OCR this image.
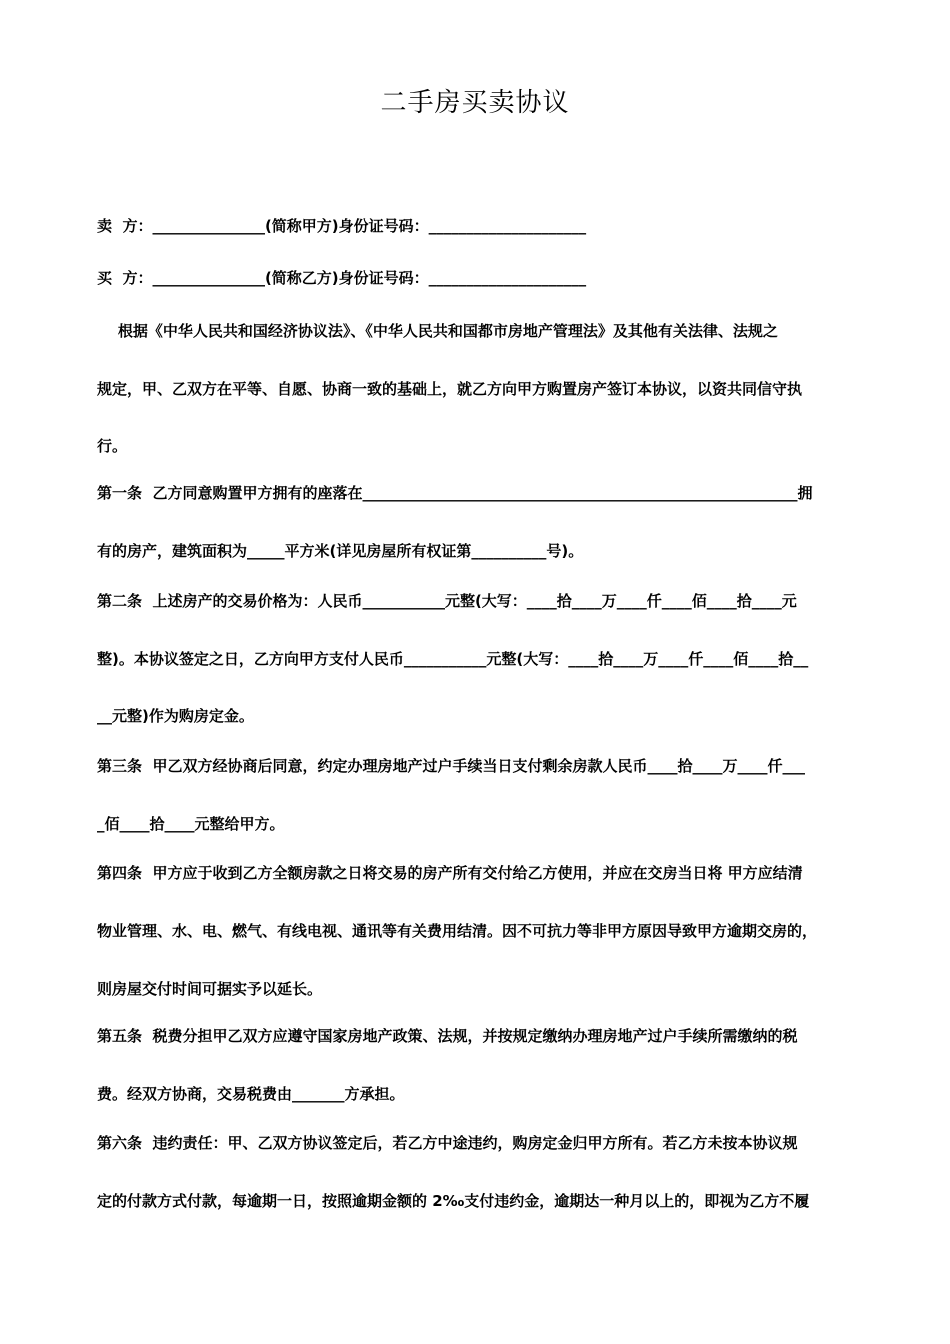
二手房买卖协议
卖  方：_______________(简称甲方)身份证号码：_____________________
买  方：_______________(简称乙方)身份证号码：_____________________
根据《中华人民共和国经济协议法》、《中华人民共和国都市房地产管理法》及其他有关法律、法规之
规定，甲、乙双方在平等、自愿、协商一致的基础上，就乙方向甲方购置房产签订本协议，以资共同信守执
行。
第一条  乙方同意购置甲方拥有的座落在__________________________________________________________拥
有的房产，建筑面积为_____平方米(详见房屋所有权证第__________号)。
第二条  上述房产的交易价格为：人民币___________元整(大写：____拾____万____仟____佰____拾____元
整)。本协议签定之日，乙方向甲方支付人民币___________元整(大写：____拾____万____仟____佰____拾__
__元整)作为购房定金。
第三条  甲乙双方经协商后同意，约定办理房地产过户手续当日支付剩余房款人民币____拾____万____仟___
_佰____拾____元整给甲方。
第四条  甲方应于收到乙方全额房款之日将交易的房产所有交付给乙方使用，并应在交房当日将 甲方应结清
物业管理、水、电、燃气、有线电视、通讯等有关费用结清。因不可抗力等非甲方原因导致甲方逾期交房的，
则房屋交付时间可据实予以延长。
第五条  税费分担甲乙双方应遵守国家房地产政策、法规，并按规定缴纳办理房地产过户手续所需缴纳的税
费。经双方协商，交易税费由_______方承担。
第六条  违约责任：甲、乙双方协议签定后，若乙方中途违约，购房定金归甲方所有。若乙方未按本协议规
定的付款方式付款，每逾期一日，按照逾期金额的 2‰支付违约金，逾期达一种月以上的，即视为乙方不履
